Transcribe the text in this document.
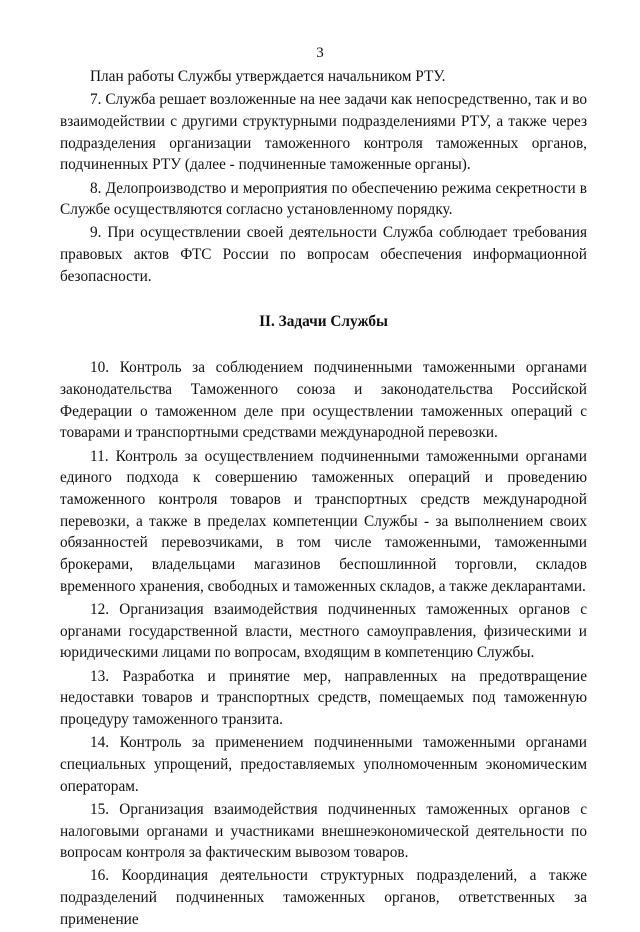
3

План работы Службы утверждается начальником РТУ.

7. Служба решает возложенные на нее задачи как непосредственно, так и во взаимодействии с другими структурными подразделениями РТУ, а также через подразделения организации таможенного контроля таможенных органов, подчиненных РТУ (далее - подчиненные таможенные органы).

8. Делопроизводство и мероприятия по обеспечению режима секретности в Службе осуществляются согласно установленному порядку.

9. При осуществлении своей деятельности Служба соблюдает требования правовых актов ФТС России по вопросам обеспечения информационной безопасности.

II. Задачи Службы

10. Контроль за соблюдением подчиненными таможенными органами законодательства Таможенного союза и законодательства Российской Федерации о таможенном деле при осуществлении таможенных операций с товарами и транспортными средствами международной перевозки.

11. Контроль за осуществлением подчиненными таможенными органами единого подхода к совершению таможенных операций и проведению таможенного контроля товаров и транспортных средств международной перевозки, а также в пределах компетенции Службы - за выполнением своих обязанностей перевозчиками, в том числе таможенными, таможенными брокерами, владельцами магазинов беспошлинной торговли, складов временного хранения, свободных и таможенных складов, а также декларантами.

12. Организация взаимодействия подчиненных таможенных органов с органами государственной власти, местного самоуправления, физическими и юридическими лицами по вопросам, входящим в компетенцию Службы.

13. Разработка и принятие мер, направленных на предотвращение недоставки товаров и транспортных средств, помещаемых под таможенную процедуру таможенного транзита.

14. Контроль за применением подчиненными таможенными органами специальных упрощений, предоставляемых уполномоченным экономическим операторам.

15. Организация взаимодействия подчиненных таможенных органов с налоговыми органами и участниками внешнеэкономической деятельности по вопросам контроля за фактическим вывозом товаров.

16. Координация деятельности структурных подразделений, а также подразделений подчиненных таможенных органов, ответственных за применение
